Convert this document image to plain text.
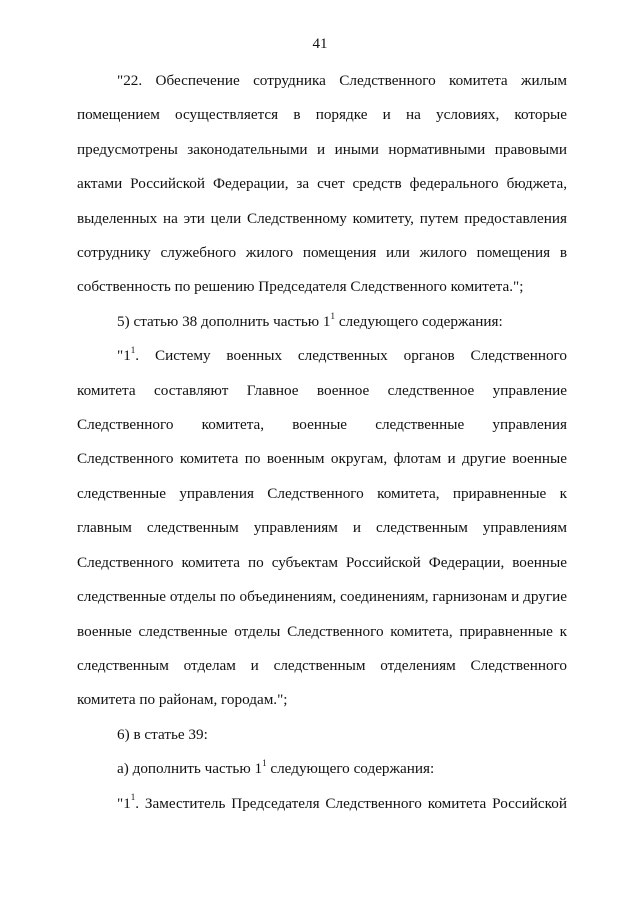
41

"22. Обеспечение сотрудника Следственного комитета жилым помещением осуществляется в порядке и на условиях, которые предусмотрены законодательными и иными нормативными правовыми актами Российской Федерации, за счет средств федерального бюджета, выделенных на эти цели Следственному комитету, путем предоставления сотруднику служебного жилого помещения или жилого помещения в собственность по решению Председателя Следственного комитета.";

5) статью 38 дополнить частью $1^1$ следующего содержания:

"$1^1$. Систему военных следственных органов Следственного комитета составляют Главное военное следственное управление Следственного комитета, военные следственные управления Следственного комитета по военным округам, флотам и другие военные следственные управления Следственного комитета, приравненные к главным следственным управлениям и следственным управлениям Следственного комитета по субъектам Российской Федерации, военные следственные отделы по объединениям, соединениям, гарнизонам и другие военные следственные отделы Следственного комитета, приравненные к следственным отделам и следственным отделениям Следственного комитета по районам, городам.";

6) в статье 39:

а) дополнить частью $1^1$ следующего содержания:

"$1^1$. Заместитель Председателя Следственного комитета Российской
